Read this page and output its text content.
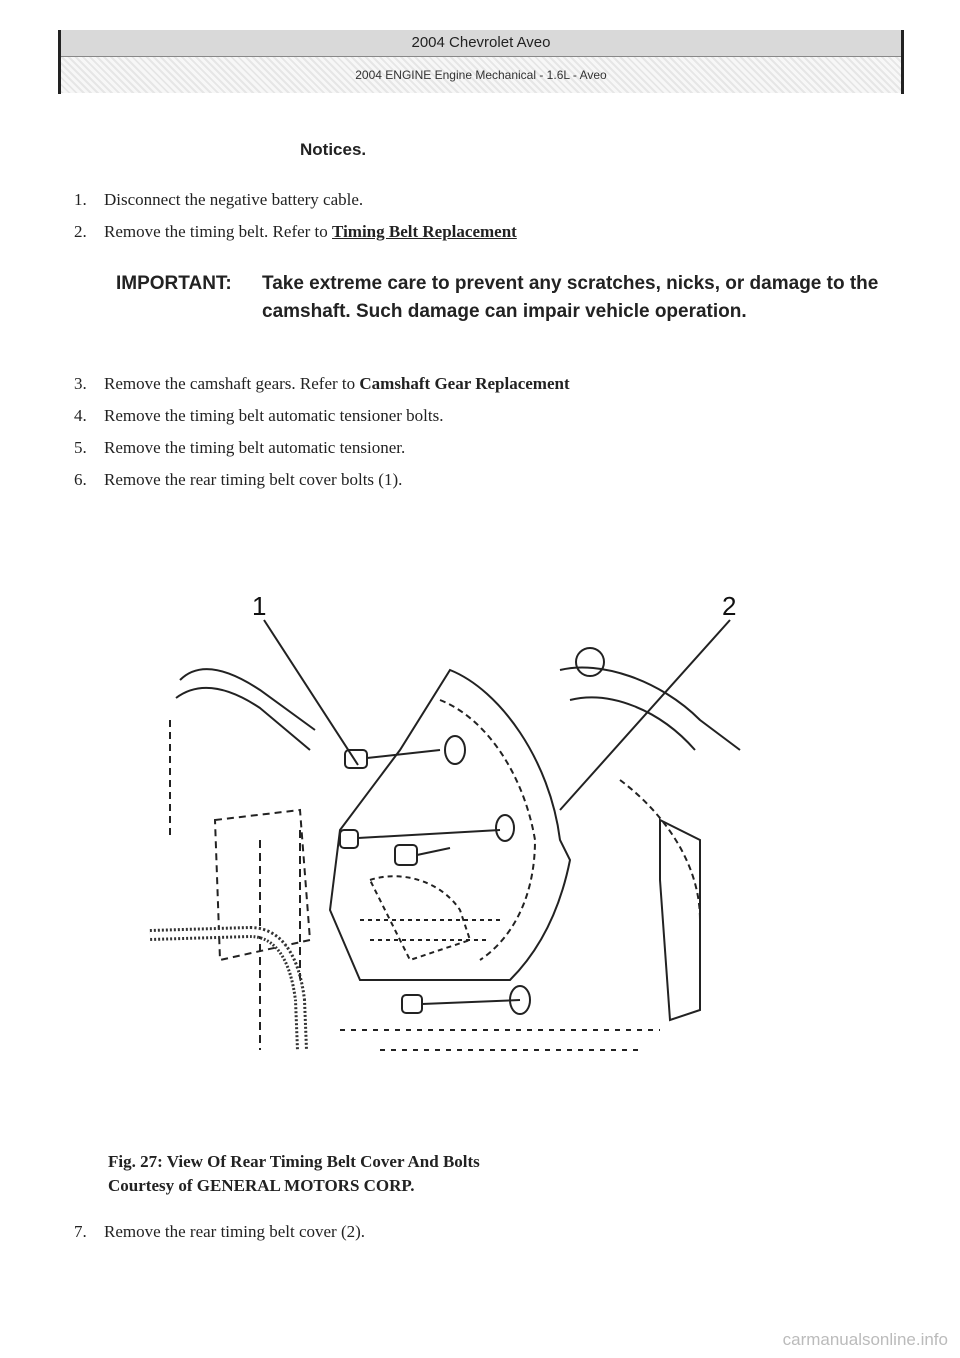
2004 Chevrolet Aveo
2004 ENGINE Engine Mechanical - 1.6L - Aveo
Notices.
1. Disconnect the negative battery cable.
2. Remove the timing belt. Refer to Timing Belt Replacement
IMPORTANT: Take extreme care to prevent any scratches, nicks, or damage to the camshaft. Such damage can impair vehicle operation.
3. Remove the camshaft gears. Refer to Camshaft Gear Replacement
4. Remove the timing belt automatic tensioner bolts.
5. Remove the timing belt automatic tensioner.
6. Remove the rear timing belt cover bolts (1).
1	2
Fig. 27: View Of Rear Timing Belt Cover And Bolts
Courtesy of GENERAL MOTORS CORP.
7. Remove the rear timing belt cover (2).
carmanualsonline.info
